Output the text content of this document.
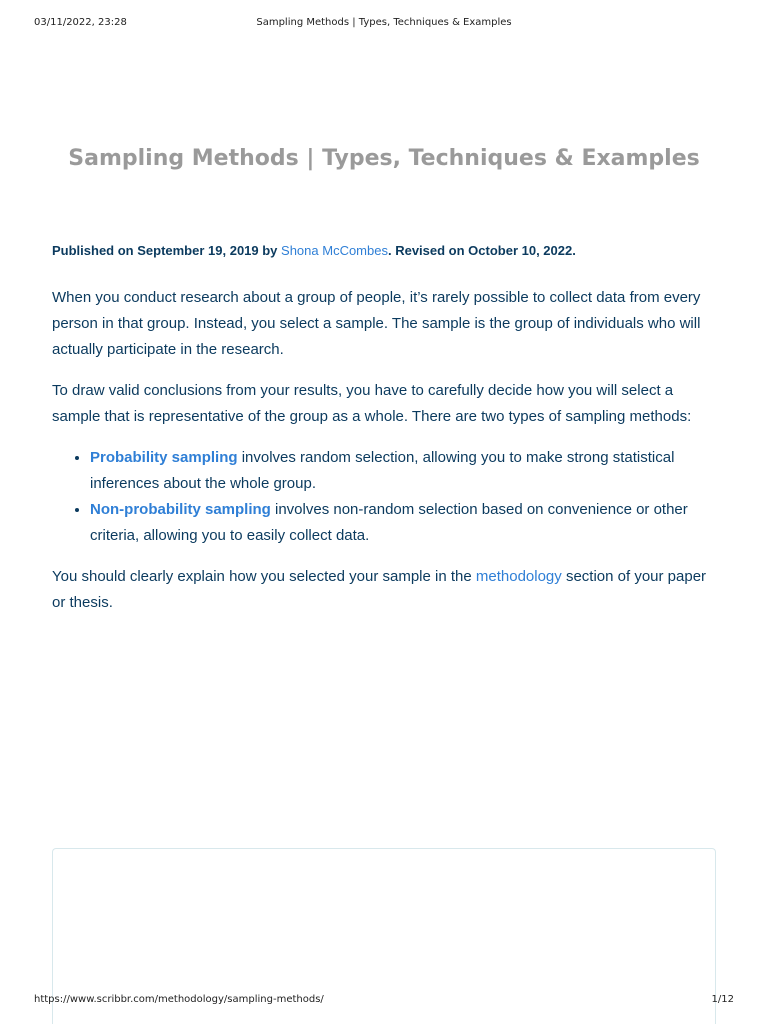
03/11/2022, 23:28	Sampling Methods | Types, Techniques & Examples
Sampling Methods | Types, Techniques & Examples
Published on September 19, 2019 by Shona McCombes. Revised on October 10, 2022.

When you conduct research about a group of people, it’s rarely possible to collect data from every person in that group. Instead, you select a sample. The sample is the group of individuals who will actually participate in the research.

To draw valid conclusions from your results, you have to carefully decide how you will select a sample that is representative of the group as a whole. There are two types of sampling methods:

• Probability sampling involves random selection, allowing you to make strong statistical inferences about the whole group.
• Non-probability sampling involves non-random selection based on convenience or other criteria, allowing you to easily collect data.

You should clearly explain how you selected your sample in the methodology section of your paper or thesis.

https://www.scribbr.com/methodology/sampling-methods/	1/12
